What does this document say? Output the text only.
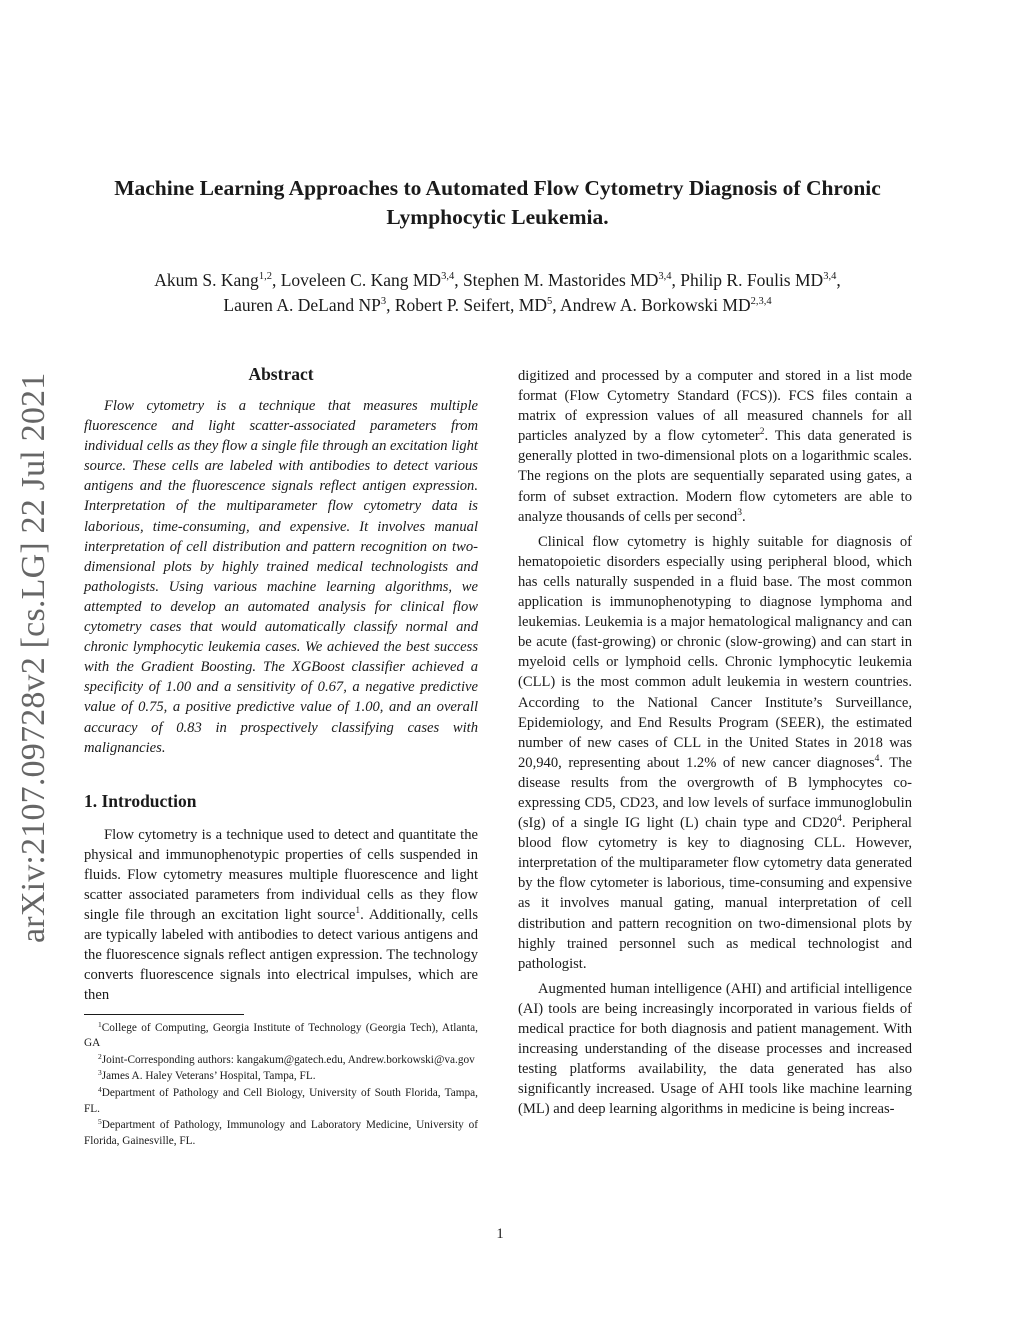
arXiv:2107.09728v2 [cs.LG] 22 Jul 2021
Machine Learning Approaches to Automated Flow Cytometry Diagnosis of Chronic Lymphocytic Leukemia.

Akum S. Kang$^{1,2}$, Loveleen C. Kang MD$^{3,4}$, Stephen M. Mastorides MD$^{3,4}$, Philip R. Foulis MD$^{3,4}$,
Lauren A. DeLand $NP^3$, Robert P. Seifert, $MD^5$, Andrew A. Borkowski MD$^{2,3,4}$

Abstract

Flow cytometry is a technique that measures multiple fluorescence and light scatter-associated parameters from individual cells as they flow a single file through an excitation light source. These cells are labeled with antibodies to detect various antigens and the fluorescence signals reflect antigen expression. Interpretation of the multiparameter flow cytometry data is laborious, time-consuming, and expensive. It involves manual interpretation of cell distribution and pattern recognition on two-dimensional plots by highly trained medical technologists and pathologists. Using various machine learning algorithms, we attempted to develop an automated analysis for clinical flow cytometry cases that would automatically classify normal and chronic lymphocytic leukemia cases. We achieved the best success with the Gradient Boosting. The XGBoost classifier achieved a specificity of 1.00 and a sensitivity of 0.67, a negative predictive value of 0.75, a positive predictive value of 1.00, and an overall accuracy of 0.83 in prospectively classifying cases with malignancies.

1. Introduction

Flow cytometry is a technique used to detect and quantitate the physical and immunophenotypic properties of cells suspended in fluids. Flow cytometry measures multiple fluorescence and light scatter associated parameters from individual cells as they flow single file through an excitation light source$^1$. Additionally, cells are typically labeled with antibodies to detect various antigens and the fluorescence signals reflect antigen expression. The technology converts fluorescence signals into electrical impulses, which are then

$^1$College of Computing, Georgia Institute of Technology (Georgia Tech), Atlanta, GA

$^2$Joint-Corresponding authors: kangakum@gatech.edu, Andrew.borkowski@va.gov

$^3$James A. Haley Veterans’ Hospital, Tampa, FL.

$^4$Department of Pathology and Cell Biology, University of South Florida, Tampa, FL.

$^5$Department of Pathology, Immunology and Laboratory Medicine, University of Florida, Gainesville, FL.

digitized and processed by a computer and stored in a list mode format (Flow Cytometry Standard (FCS)). FCS files contain a matrix of expression values of all measured channels for all particles analyzed by a flow cytometer$^2$. This data generated is generally plotted in two-dimensional plots on a logarithmic scales. The regions on the plots are sequentially separated using gates, a form of subset extraction. Modern flow cytometers are able to analyze thousands of cells per second$^3$.

Clinical flow cytometry is highly suitable for diagnosis of hematopoietic disorders especially using peripheral blood, which has cells naturally suspended in a fluid base. The most common application is immunophenotyping to diagnose lymphoma and leukemias. Leukemia is a major hematological malignancy and can be acute (fast-growing) or chronic (slow-growing) and can start in myeloid cells or lymphoid cells. Chronic lymphocytic leukemia (CLL) is the most common adult leukemia in western countries. According to the National Cancer Institute’s Surveillance, Epidemiology, and End Results Program (SEER), the estimated number of new cases of CLL in the United States in 2018 was 20,940, representing about 1.2% of new cancer diagnoses$^4$. The disease results from the overgrowth of B lymphocytes co-expressing CD5, CD23, and low levels of surface immunoglobulin (sIg) of a single IG light (L) chain type and $CD20^4$. Peripheral blood flow cytometry is key to diagnosing CLL. However, interpretation of the multiparameter flow cytometry data generated by the flow cytometer is laborious, time-consuming and expensive as it involves manual gating, manual interpretation of cell distribution and pattern recognition on two-dimensional plots by highly trained personnel such as medical technologist and pathologist.

Augmented human intelligence (AHI) and artificial intelligence (AI) tools are being increasingly incorporated in various fields of medical practice for both diagnosis and patient management. With increasing understanding of the disease processes and increased testing platforms availability, the data generated has also significantly increased. Usage of AHI tools like machine learning (ML) and deep learning algorithms in medicine is being increas-

1
